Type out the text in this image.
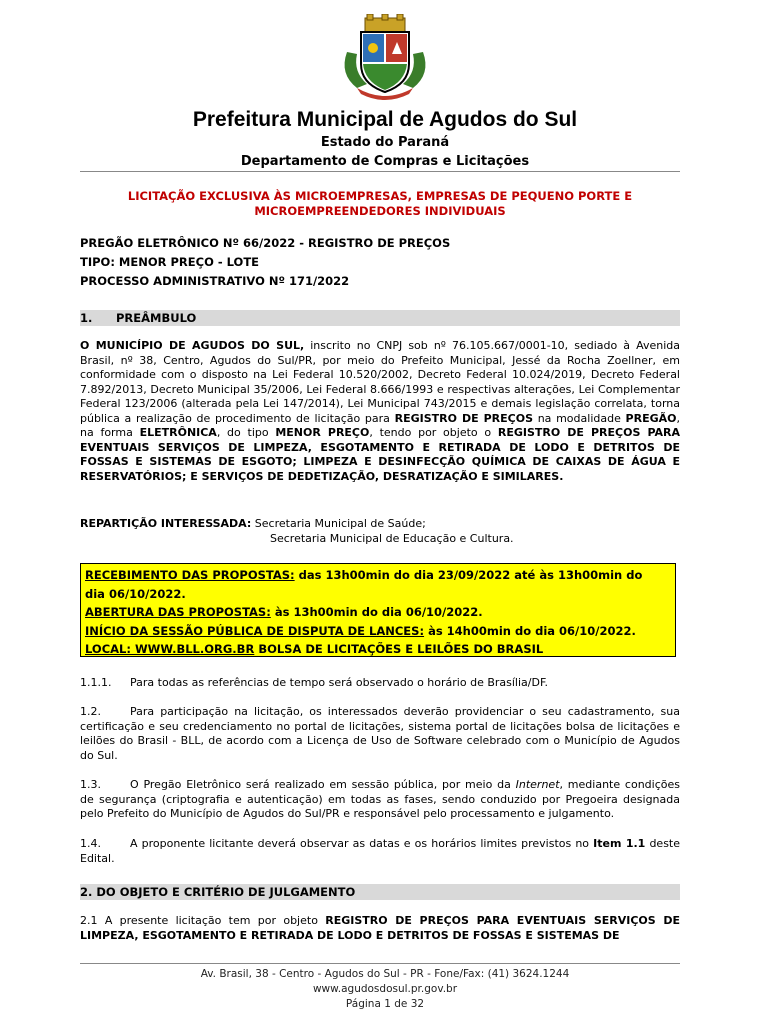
Prefeitura Municipal de Agudos do Sul
Estado do Paraná
Departamento de Compras e Licitações
LICITAÇÃO EXCLUSIVA ÀS MICROEMPRESAS, EMPRESAS DE PEQUENO PORTE E
MICROEMPREENDEDORES INDIVIDUAIS
PREGÃO ELETRÔNICO Nº 66/2022 - REGISTRO DE PREÇOS
TIPO: MENOR PREÇO - LOTE
PROCESSO ADMINISTRATIVO Nº 171/2022
1. PREÂMBULO
O MUNICÍPIO DE AGUDOS DO SUL, inscrito no CNPJ sob nº 76.105.667/0001-10, sediado à Avenida Brasil, nº 38, Centro, Agudos do Sul/PR, por meio do Prefeito Municipal, Jessé da Rocha Zoellner, em conformidade com o disposto na Lei Federal 10.520/2002, Decreto Federal 10.024/2019, Decreto Federal 7.892/2013, Decreto Municipal 35/2006, Lei Federal 8.666/1993 e respectivas alterações, Lei Complementar Federal 123/2006 (alterada pela Lei 147/2014), Lei Municipal 743/2015 e demais legislação correlata, torna pública a realização de procedimento de licitação para REGISTRO DE PREÇOS na modalidade PREGÃO, na forma ELETRÔNICA, do tipo MENOR PREÇO, tendo por objeto o REGISTRO DE PREÇOS PARA EVENTUAIS SERVIÇOS DE LIMPEZA, ESGOTAMENTO E RETIRADA DE LODO E DETRITOS DE FOSSAS E SISTEMAS DE ESGOTO; LIMPEZA E DESINFECÇÃO QUÍMICA DE CAIXAS DE ÁGUA E RESERVATÓRIOS; E SERVIÇOS DE DEDETIZAÇÃO, DESRATIZAÇÃO E SIMILARES.
REPARTIÇÃO INTERESSADA: Secretaria Municipal de Saúde;
Secretaria Municipal de Educação e Cultura.
RECEBIMENTO DAS PROPOSTAS: das 13h00min do dia 23/09/2022 até às 13h00min do
dia 06/10/2022.
ABERTURA DAS PROPOSTAS: às 13h00min do dia 06/10/2022.
INÍCIO DA SESSÃO PÚBLICA DE DISPUTA DE LANCES: às 14h00min do dia 06/10/2022.
LOCAL: WWW.BLL.ORG.BR BOLSA DE LICITAÇÕES E LEILÕES DO BRASIL
1.1.1. Para todas as referências de tempo será observado o horário de Brasília/DF.
1.2.	Para participação na licitação, os interessados deverão providenciar o seu cadastramento, sua certificação e seu credenciamento no portal de licitações, sistema portal de licitações bolsa de licitações e leilões do Brasil - BLL, de acordo com a Licença de Uso de Software celebrado com o Município de Agudos do Sul.
1.3.	O Pregão Eletrônico será realizado em sessão pública, por meio da Internet, mediante condições de segurança (criptografia e autenticação) em todas as fases, sendo conduzido por Pregoeira designada pelo Prefeito do Município de Agudos do Sul/PR e responsável pelo processamento e julgamento.
1.4.	A proponente licitante deverá observar as datas e os horários limites previstos no Item 1.1 deste Edital.
2. DO OBJETO E CRITÉRIO DE JULGAMENTO
2.1 A presente licitação tem por objeto REGISTRO DE PREÇOS PARA EVENTUAIS SERVIÇOS DE LIMPEZA, ESGOTAMENTO E RETIRADA DE LODO E DETRITOS DE FOSSAS E SISTEMAS DE
Av. Brasil, 38 - Centro - Agudos do Sul - PR - Fone/Fax: (41) 3624.1244
www.agudosdosul.pr.gov.br
Página 1 de 32
